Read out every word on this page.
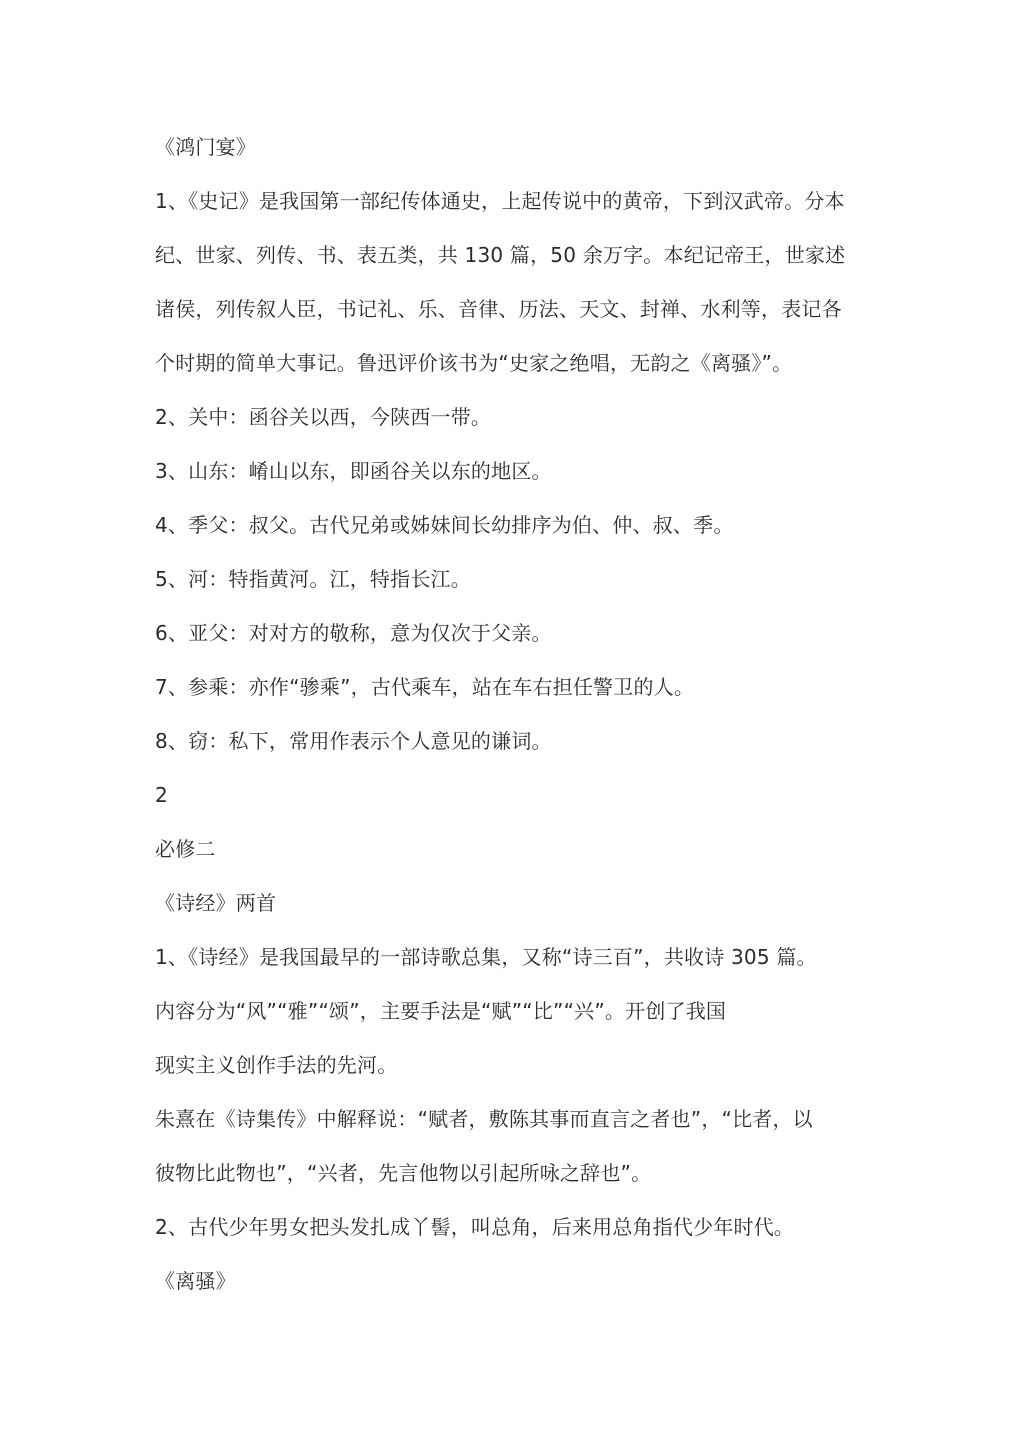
《鸿门宴》
1、《史记》是我国第一部纪传体通史，上起传说中的黄帝，下到汉武帝。分本
纪、世家、列传、书、表五类，共 130 篇，50 余万字。本纪记帝王，世家述
诸侯，列传叙人臣，书记礼、乐、音律、历法、天文、封禅、水利等，表记各
个时期的简单大事记。鲁迅评价该书为“史家之绝唱，无韵之《离骚》”。
2、关中：函谷关以西，今陕西一带。
3、山东：崤山以东，即函谷关以东的地区。
4、季父：叔父。古代兄弟或姊妹间长幼排序为伯、仲、叔、季。
5、河：特指黄河。江，特指长江。
6、亚父：对对方的敬称，意为仅次于父亲。
7、参乘：亦作“骖乘”，古代乘车，站在车右担任警卫的人。
8、窃：私下，常用作表示个人意见的谦词。
2
必修二
《诗经》两首
1、《诗经》是我国最早的一部诗歌总集，又称“诗三百”，共收诗 305 篇。
内容分为“风”“雅”“颂”，主要手法是“赋”“比”“兴”。开创了我国
现实主义创作手法的先河。
朱熹在《诗集传》中解释说：“赋者，敷陈其事而直言之者也”，“比者，以
彼物比此物也”，“兴者，先言他物以引起所咏之辞也”。
2、古代少年男女把头发扎成丫髻，叫总角，后来用总角指代少年时代。
《离骚》
